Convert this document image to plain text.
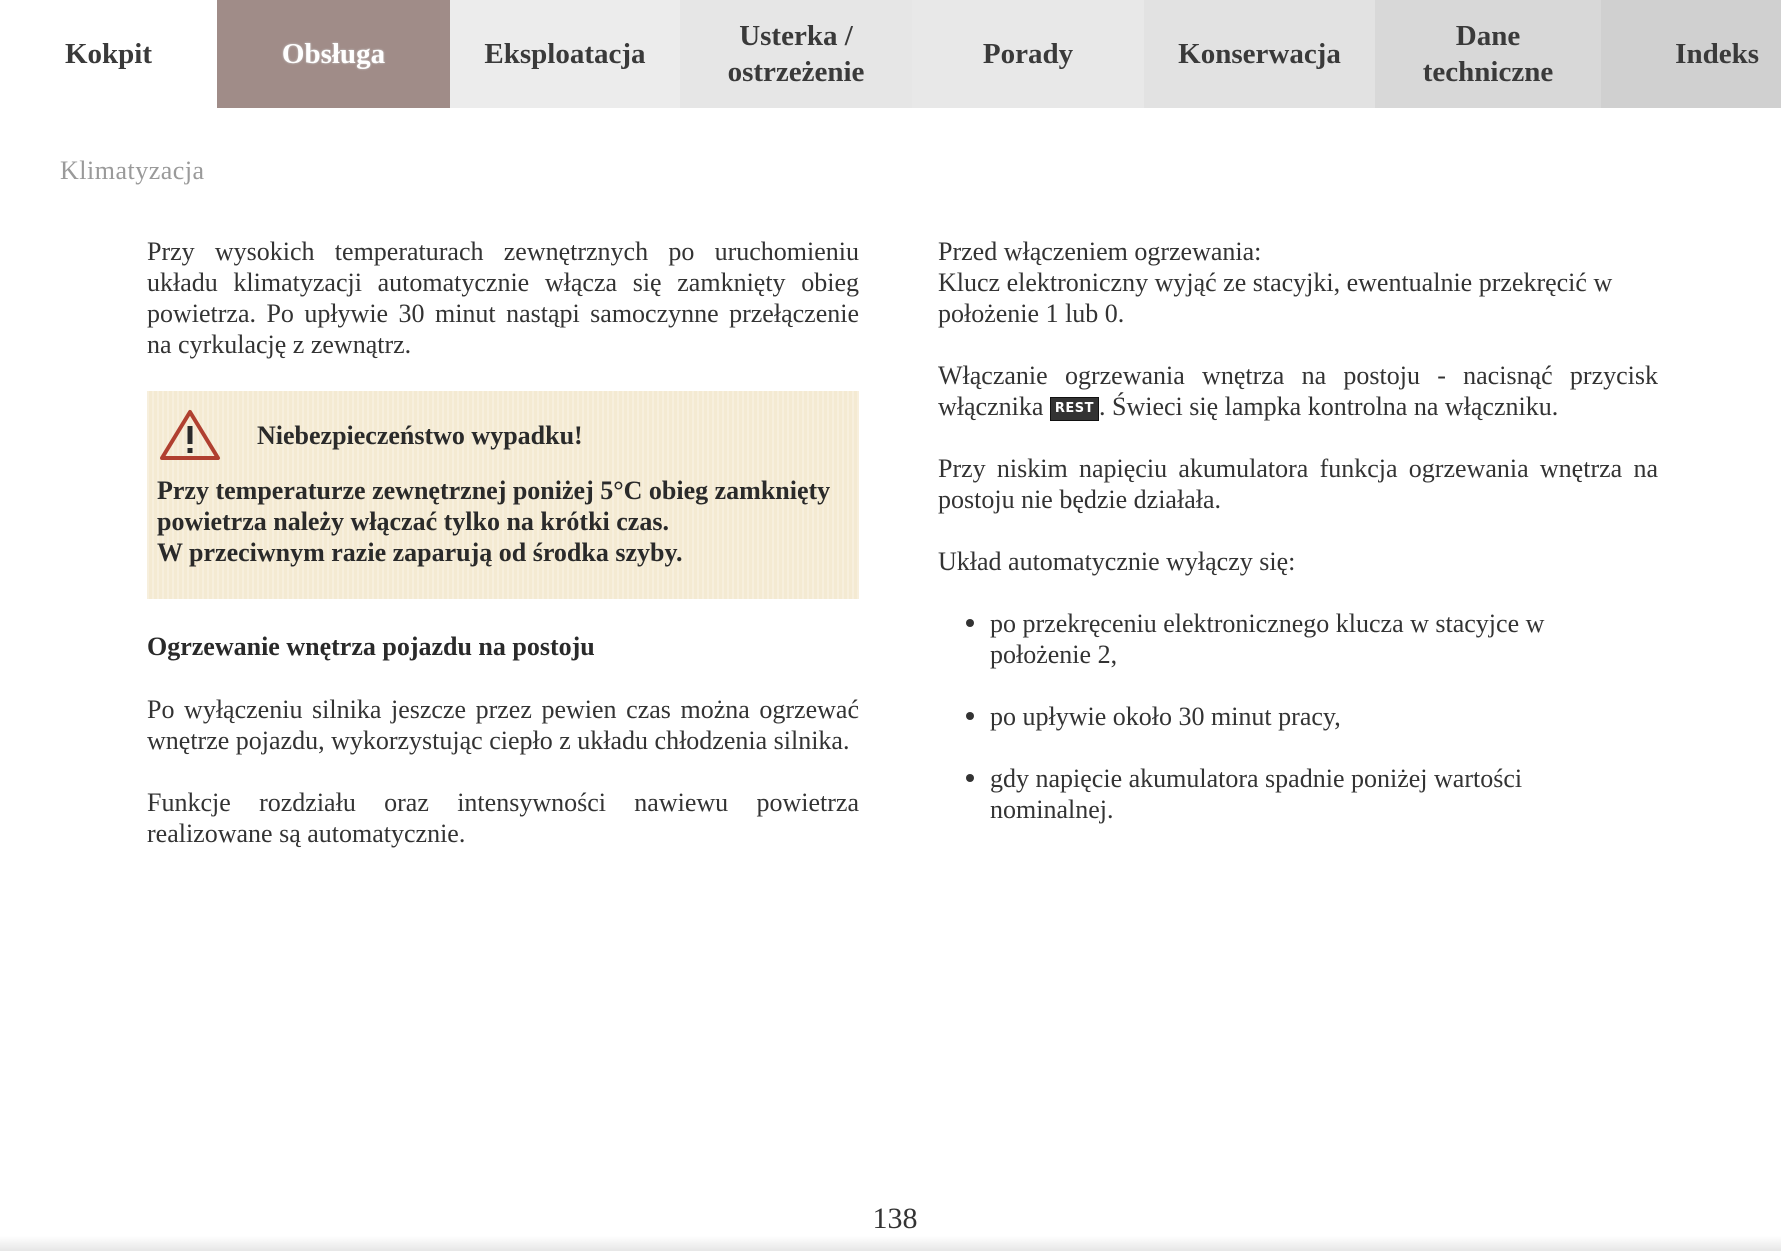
Kokpit	Obsługa	Eksploatacja
Usterka /
ostrzeżenie
Porady	Konserwacja
Dane
techniczne
Indeks
Klimatyzacja

Przy wysokich temperaturach zewnętrznych po uruchomieniu układu klimatyzacji automatycznie włącza się zamknięty obieg powietrza. Po upływie 30 minut nastąpi samoczynne przełączenie na cyrkulację z zewnątrz.

Niebezpieczeństwo wypadku!
Przy temperaturze zewnętrznej poniżej 5°C obieg zamknięty powietrza należy włączać tylko na krótki czas.
W przeciwnym razie zaparują od środka szyby.
Ogrzewanie wnętrza pojazdu na postoju

Po wyłączeniu silnika jeszcze przez pewien czas można ogrzewać wnętrze pojazdu, wykorzystując ciepło z układu chłodzenia silnika.

Funkcje rozdziału oraz intensywności nawiewu powietrza realizowane są automatycznie.

Przed włączeniem ogrzewania:
Klucz elektroniczny wyjąć ze stacyjki, ewentualnie przekręcić w położenie 1 lub 0.

Włączanie ogrzewania wnętrza na postoju - nacisnąć przycisk włącznika REST . Świeci się lampka kontrolna na włączniku.

Przy niskim napięciu akumulatora funkcja ogrzewania wnętrza na postoju nie będzie działała.

Układ automatycznie wyłączy się:

po przekręceniu elektronicznego klucza w stacyjce w położenie 2,
po upływie około 30 minut pracy,
gdy napięcie akumulatora spadnie poniżej wartości nominalnej.
138
